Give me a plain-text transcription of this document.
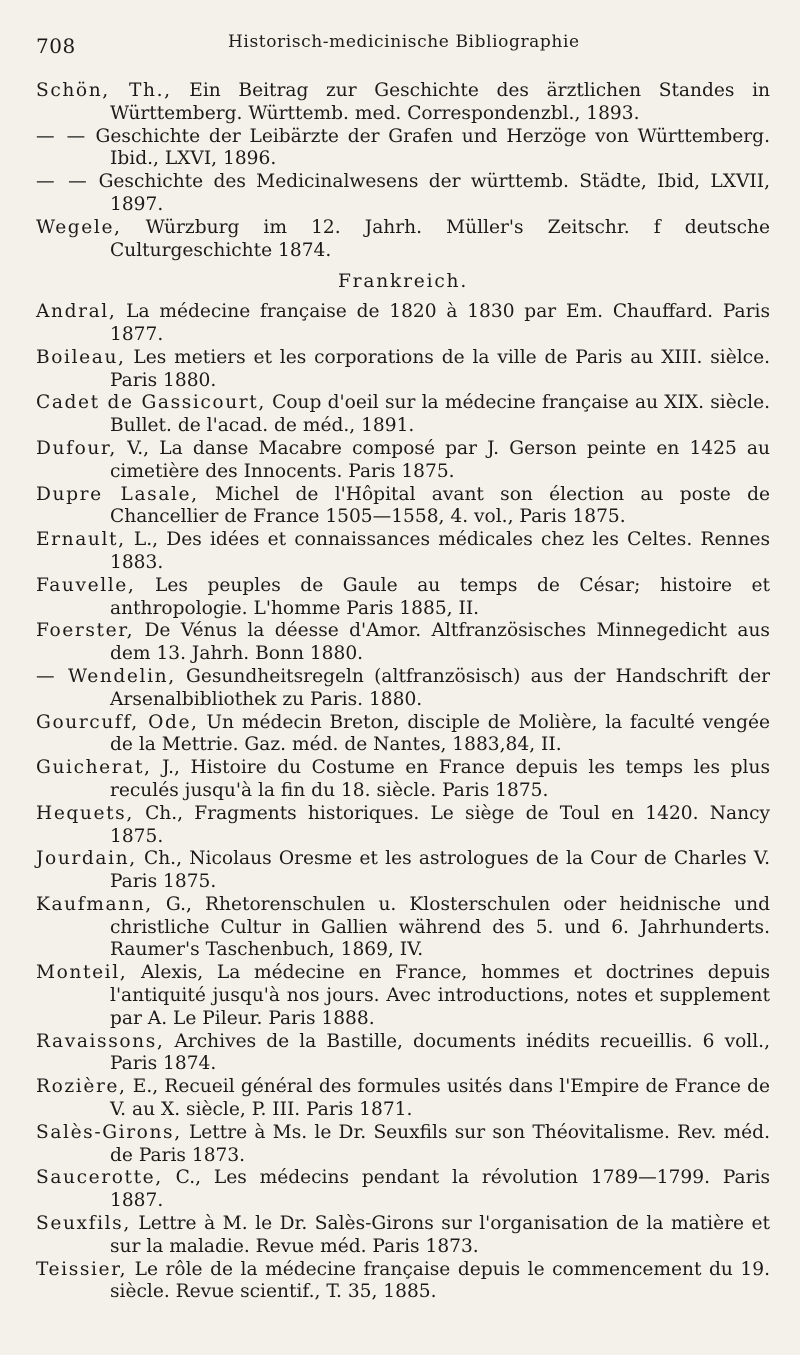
708	Historisch-medicinische Bibliographie

Schön, Th., Ein Beitrag zur Geschichte des ärztlichen Standes in Württemberg. Württemb. med. Correspondenzbl., 1893.

— — Geschichte der Leibärzte der Grafen und Herzöge von Württemberg. Ibid., LXVI, 1896.

— — Geschichte des Medicinalwesens der württemb. Städte, Ibid, LXVII, 1897.

Wegele, Würzburg im 12. Jahrh. Müller's Zeitschr. f deutsche Culturgeschichte 1874.

Frankreich.

Andral, La médecine française de 1820 à 1830 par Em. Chauffard. Paris 1877.

Boileau, Les metiers et les corporations de la ville de Paris au XIII. sièlce. Paris 1880.

Cadet de Gassicourt, Coup d'oeil sur la médecine française au XIX. siècle. Bullet. de l'acad. de méd., 1891.

Dufour, V., La danse Macabre composé par J. Gerson peinte en 1425 au cimetière des Innocents. Paris 1875.

Dupre Lasale, Michel de l'Hôpital avant son élection au poste de Chancellier de France 1505—1558, 4. vol., Paris 1875.

Ernault, L., Des idées et connaissances médicales chez les Celtes. Rennes 1883.

Fauvelle, Les peuples de Gaule au temps de César; histoire et anthropologie. L'homme Paris 1885, II.

Foerster, De Vénus la déesse d'Amor. Altfranzösisches Minnegedicht aus dem 13. Jahrh. Bonn 1880.

— Wendelin, Gesundheitsregeln (altfranzösisch) aus der Handschrift der Arsenalbibliothek zu Paris. 1880.

Gourcuff, Ode, Un médecin Breton, disciple de Molière, la faculté vengée de la Mettrie. Gaz. méd. de Nantes, 1883,84, II.

Guicherat, J., Histoire du Costume en France depuis les temps les plus reculés jusqu'à la fin du 18. siècle. Paris 1875.

Hequets, Ch., Fragments historiques. Le siège de Toul en 1420. Nancy 1875.

Jourdain, Ch., Nicolaus Oresme et les astrologues de la Cour de Charles V. Paris 1875.

Kaufmann, G., Rhetorenschulen u. Klosterschulen oder heidnische und christliche Cultur in Gallien während des 5. und 6. Jahrhunderts. Raumer's Taschenbuch, 1869, IV.

Monteil, Alexis, La médecine en France, hommes et doctrines depuis l'antiquité jusqu'à nos jours. Avec introductions, notes et supplement par A. Le Pileur. Paris 1888.

Ravaissons, Archives de la Bastille, documents inédits recueillis. 6 voll., Paris 1874.

Rozière, E., Recueil général des formules usités dans l'Empire de France de V. au X. siècle, P. III. Paris 1871.

Salès-Girons, Lettre à Ms. le Dr. Seuxfils sur son Théovitalisme. Rev. méd. de Paris 1873.

Saucerotte, C., Les médecins pendant la révolution 1789—1799. Paris 1887.

Seuxfils, Lettre à M. le Dr. Salès-Girons sur l'organisation de la matière et sur la maladie. Revue méd. Paris 1873.

Teissier, Le rôle de la médecine française depuis le commencement du 19. siècle. Revue scientif., T. 35, 1885.
